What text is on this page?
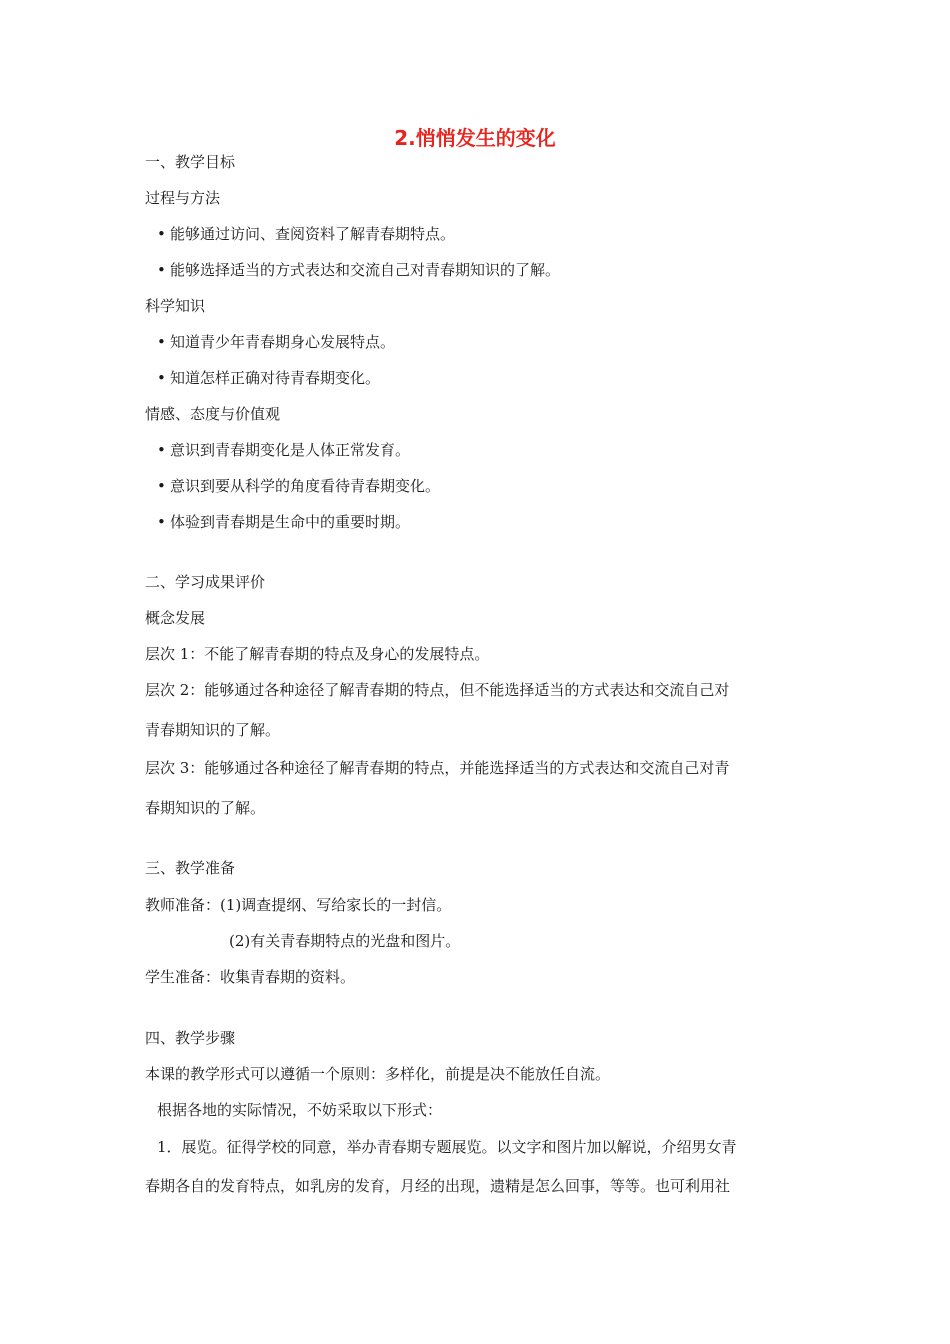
2.悄悄发生的变化
一、教学目标
过程与方法
• 能够通过访问、查阅资料了解青春期特点。
• 能够选择适当的方式表达和交流自己对青春期知识的了解。
科学知识
• 知道青少年青春期身心发展特点。
• 知道怎样正确对待青春期变化。
情感、态度与价值观
• 意识到青春期变化是人体正常发育。
• 意识到要从科学的角度看待青春期变化。
• 体验到青春期是生命中的重要时期。
二、学习成果评价
概念发展
层次 1：不能了解青春期的特点及身心的发展特点。
层次 2：能够通过各种途径了解青春期的特点，但不能选择适当的方式表达和交流自己对
青春期知识的了解。
层次 3：能够通过各种途径了解青春期的特点，并能选择适当的方式表达和交流自己对青
春期知识的了解。
三、教学准备
教师准备：(1)调查提纲、写给家长的一封信。
(2)有关青春期特点的光盘和图片。
学生准备：收集青春期的资料。
四、教学步骤
本课的教学形式可以遵循一个原则：多样化，前提是决不能放任自流。
根据各地的实际情况，不妨采取以下形式：
1．展览。征得学校的同意，举办青春期专题展览。以文字和图片加以解说，介绍男女青
春期各自的发育特点，如乳房的发育，月经的出现，遗精是怎么回事，等等。也可利用社
